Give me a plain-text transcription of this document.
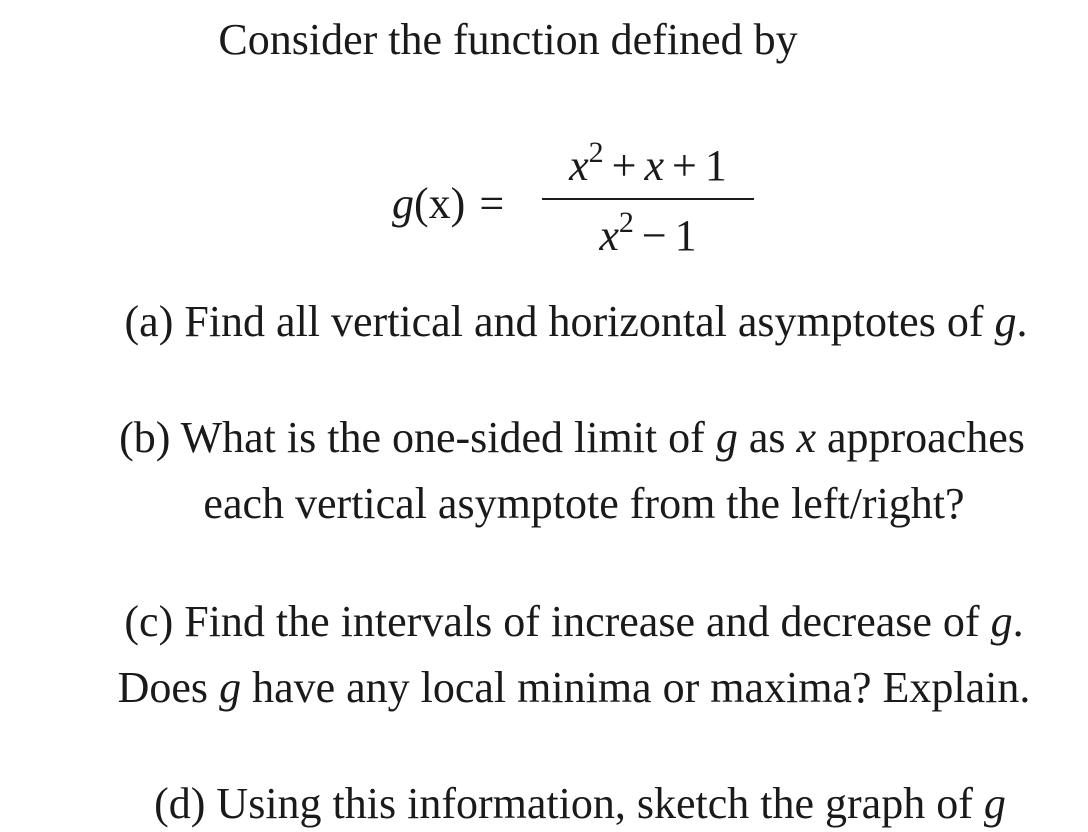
Consider the function defined by
g(x) =
$x^2 + x + 1$
$x^2 - 1$
(a) Find all vertical and horizontal asymptotes of g.
(b) What is the one-sided limit of g as x approaches
each vertical asymptote from the left/right?
(c) Find the intervals of increase and decrease of g.
Does g have any local minima or maxima? Explain.
(d) Using this information, sketch the graph of g
